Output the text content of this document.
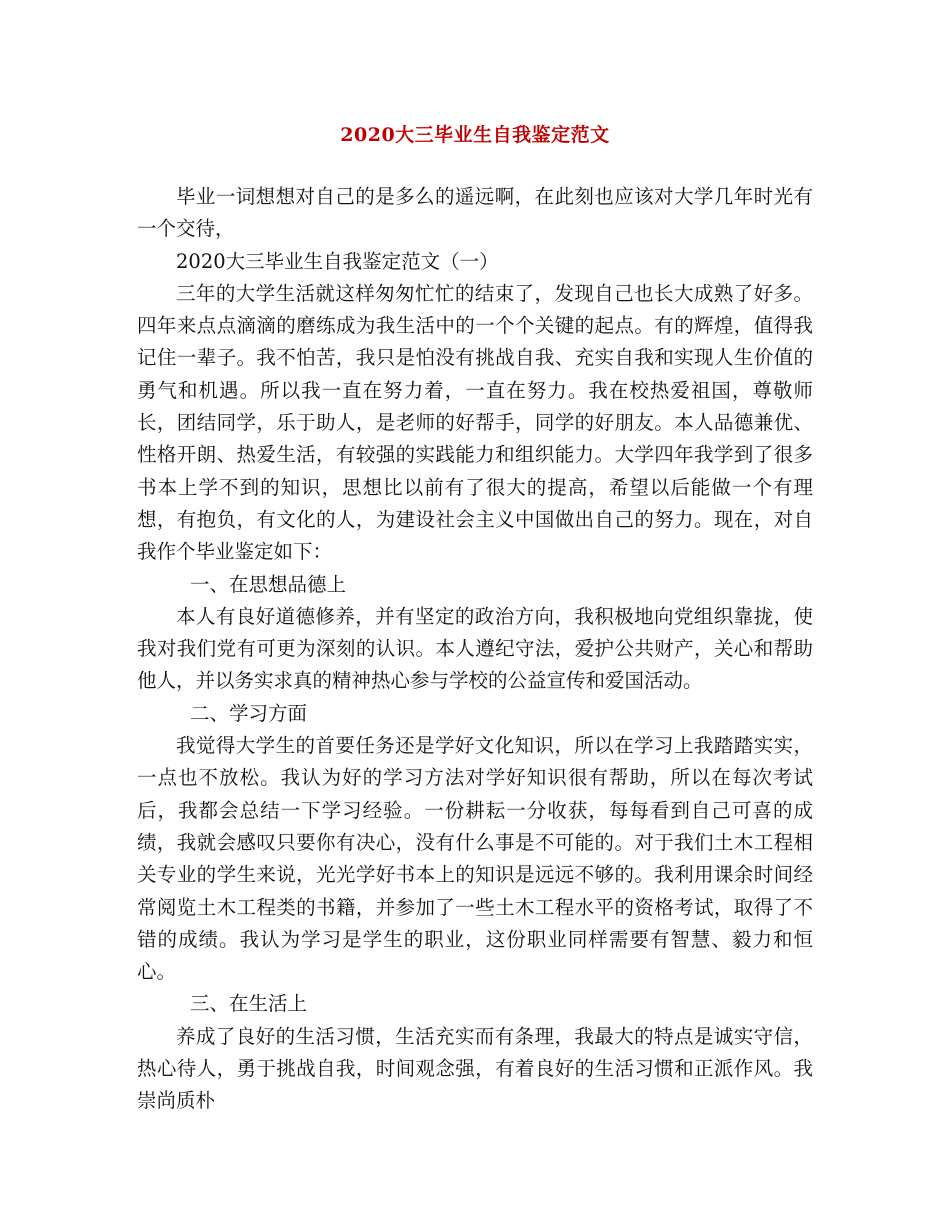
2020大三毕业生自我鉴定范文

毕业一词想想对自己的是多么的遥远啊，在此刻也应该对大学几年时光有一个交待，

2020大三毕业生自我鉴定范文（一）

三年的大学生活就这样匆匆忙忙的结束了，发现自己也长大成熟了好多。四年来点点滴滴的磨练成为我生活中的一个个关键的起点。有的辉煌，值得我记住一辈子。我不怕苦，我只是怕没有挑战自我、充实自我和实现人生价值的勇气和机遇。所以我一直在努力着，一直在努力。我在校热爱祖国，尊敬师长，团结同学，乐于助人，是老师的好帮手，同学的好朋友。本人品德兼优、性格开朗、热爱生活，有较强的实践能力和组织能力。大学四年我学到了很多书本上学不到的知识，思想比以前有了很大的提高，希望以后能做一个有理想，有抱负，有文化的人，为建设社会主义中国做出自己的努力。现在，对自我作个毕业鉴定如下：

一、在思想品德上

本人有良好道德修养，并有坚定的政治方向，我积极地向党组织靠拢，使我对我们党有可更为深刻的认识。本人遵纪守法，爱护公共财产，关心和帮助他人，并以务实求真的精神热心参与学校的公益宣传和爱国活动。

二、学习方面

我觉得大学生的首要任务还是学好文化知识，所以在学习上我踏踏实实，一点也不放松。我认为好的学习方法对学好知识很有帮助，所以在每次考试后，我都会总结一下学习经验。一份耕耘一分收获，每每看到自己可喜的成绩，我就会感叹只要你有决心，没有什么事是不可能的。对于我们土木工程相关专业的学生来说，光光学好书本上的知识是远远不够的。我利用课余时间经常阅览土木工程类的书籍，并参加了一些土木工程水平的资格考试，取得了不错的成绩。我认为学习是学生的职业，这份职业同样需要有智慧、毅力和恒心。

三、在生活上

养成了良好的生活习惯，生活充实而有条理，我最大的特点是诚实守信，热心待人，勇于挑战自我，时间观念强，有着良好的生活习惯和正派作风。我崇尚质朴
